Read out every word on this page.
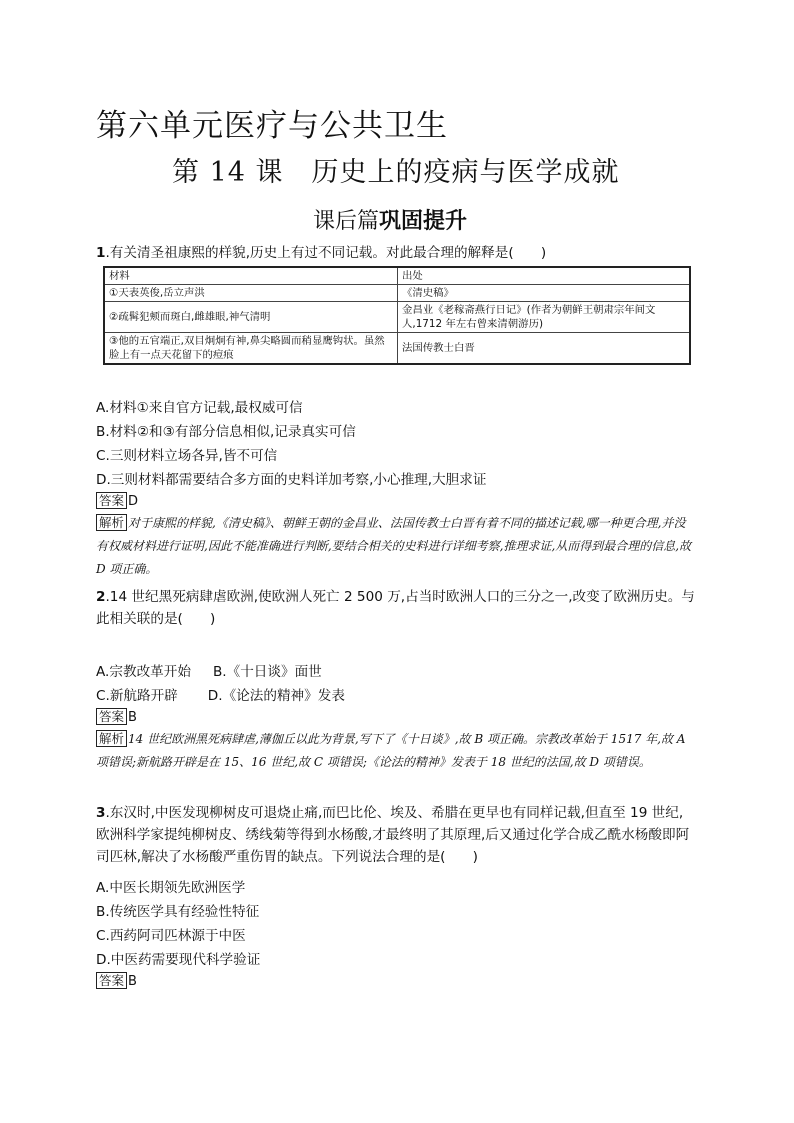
第六单元医疗与公共卫生
第 14 课　历史上的疫病与医学成就
课后篇巩固提升
1.有关清圣祖康熙的样貌,历史上有过不同记载。对此最合理的解释是(　　)
材料	出处
①天表英俊,岳立声洪	《清史稿》
②疏髯犯颊而斑白,雌雄眼,神气清明	金昌业《老稼斋燕行日记》(作者为朝鲜王朝肃宗年间文人,1712 年左右曾来清朝游历)
③他的五官端正,双目炯炯有神,鼻尖略圆而稍显鹰钩状。虽然脸上有一点天花留下的痘痕	法国传教士白晋
A.材料①来自官方记载,最权威可信
B.材料②和③有部分信息相似,记录真实可信
C.三则材料立场各异,皆不可信
D.三则材料都需要结合多方面的史料详加考察,小心推理,大胆求证
答案 D
解析 对于康熙的样貌,《清史稿》、朝鲜王朝的金昌业、法国传教士白晋有着不同的描述记载,哪一种更合理,并没有权威材料进行证明,因此不能准确进行判断,要结合相关的史料进行详细考察,推理求证,从而得到最合理的信息,故 D 项正确。
2.14 世纪黑死病肆虐欧洲,使欧洲人死亡 2 500 万,占当时欧洲人口的三分之一,改变了欧洲历史。与此相关联的是(　　)
A.宗教改革开始 B.《十日谈》面世
C.新航路开辟 D.《论法的精神》发表
答案 B
解析 14 世纪欧洲黑死病肆虐,薄伽丘以此为背景,写下了《十日谈》,故 B 项正确。宗教改革始于 1517 年,故 A 项错误;新航路开辟是在 15、16 世纪,故 C 项错误;《论法的精神》发表于 18 世纪的法国,故 D 项错误。
3.东汉时,中医发现柳树皮可退烧止痛,而巴比伦、埃及、希腊在更早也有同样记载,但直至 19 世纪,欧洲科学家提纯柳树皮、绣线菊等得到水杨酸,才最终明了其原理,后又通过化学合成乙酰水杨酸即阿司匹林,解决了水杨酸严重伤胃的缺点。下列说法合理的是(　　)
A.中医长期领先欧洲医学
B.传统医学具有经验性特征
C.西药阿司匹林源于中医
D.中医药需要现代科学验证
答案 B
